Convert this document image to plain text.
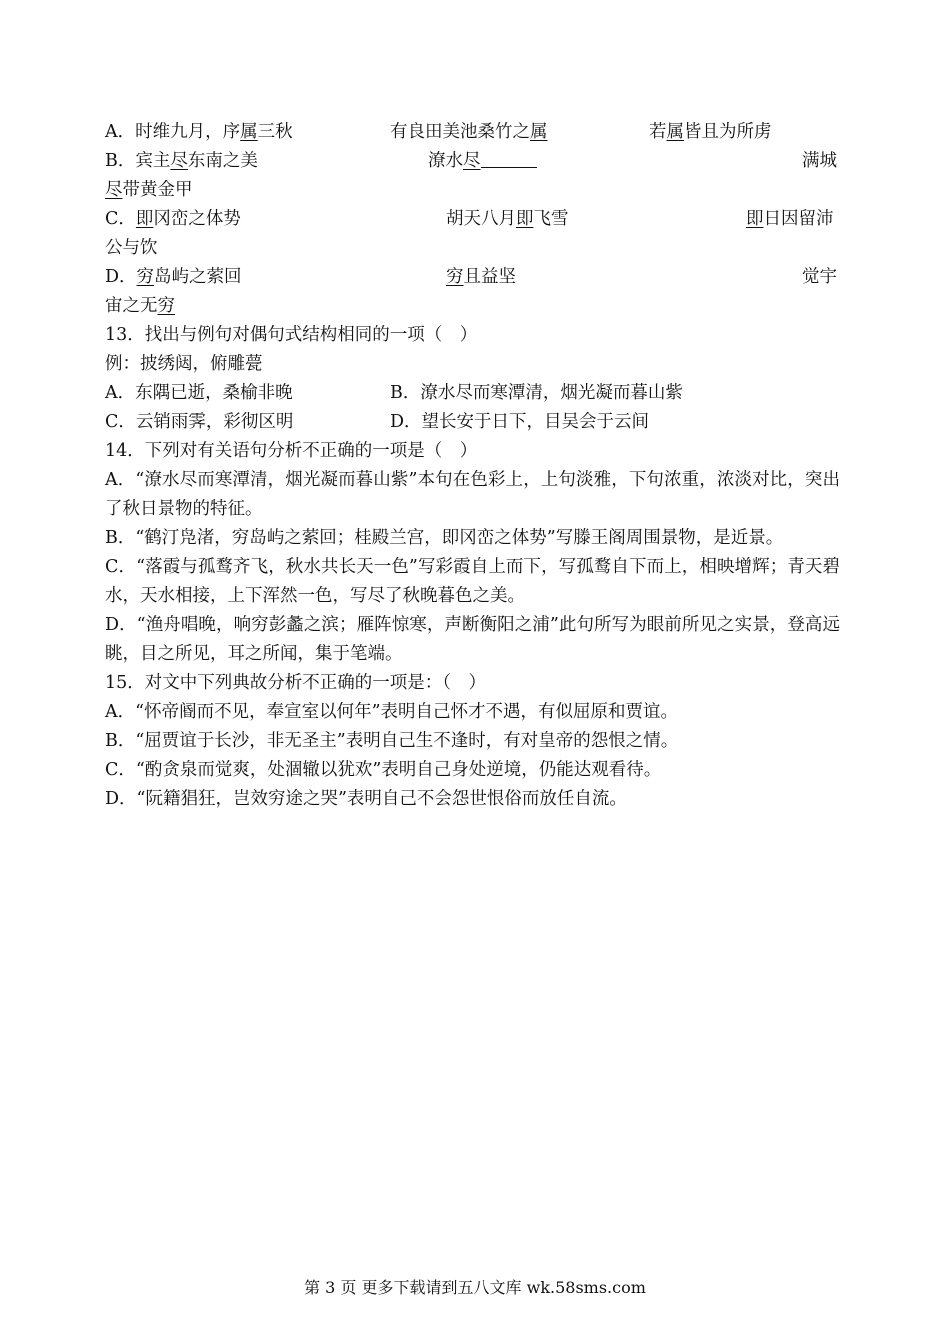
A．时维九月，序属三秋	有良田美池桑竹之属	若属皆且为所虏
B．宾主尽东南之美	潦水尽	满城
尽带黄金甲
C．即冈峦之体势	胡天八月即飞雪	即日因留沛
公与饮
D．穷岛屿之萦回	穷且益坚	觉宇
宙之无穷
13．找出与例句对偶句式结构相同的一项（　）
例：披绣闼，俯雕甍
A．东隅已逝，桑榆非晚	B．潦水尽而寒潭清，烟光凝而暮山紫
C．云销雨霁，彩彻区明	D．望长安于日下，目吴会于云间
14．下列对有关语句分析不正确的一项是（　）
A．“潦水尽而寒潭清，烟光凝而暮山紫”本句在色彩上，上句淡雅，下句浓重，浓淡对比，突出了秋日景物的特征。
B．“鹤汀凫渚，穷岛屿之萦回；桂殿兰宫，即冈峦之体势”写滕王阁周围景物，是近景。
C．“落霞与孤鹜齐飞，秋水共长天一色”写彩霞自上而下，写孤鹜自下而上，相映增辉；青天碧水，天水相接，上下浑然一色，写尽了秋晚暮色之美。
D．“渔舟唱晚，响穷彭蠡之滨；雁阵惊寒，声断衡阳之浦”此句所写为眼前所见之实景，登高远眺，目之所见，耳之所闻，集于笔端。
15．对文中下列典故分析不正确的一项是：（　）
A．“怀帝阍而不见，奉宣室以何年”表明自己怀才不遇，有似屈原和贾谊。
B．“屈贾谊于长沙，非无圣主”表明自己生不逢时，有对皇帝的怨恨之情。
C．“酌贪泉而觉爽，处涸辙以犹欢”表明自己身处逆境，仍能达观看待。
D．“阮籍猖狂，岂效穷途之哭”表明自己不会怨世恨俗而放任自流。
第 3 页 更多下载请到五八文库 wk.58sms.com
